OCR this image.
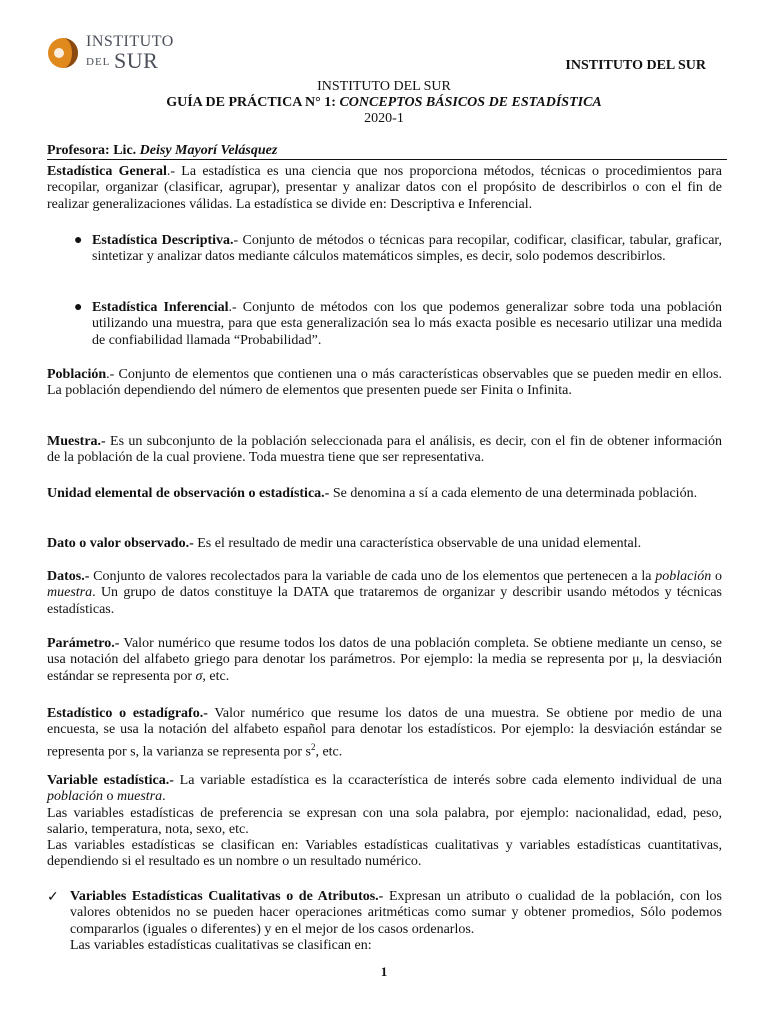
INSTITUTO
DEL SUR	INSTITUTO DEL SUR
INSTITUTO DEL SUR
GUÍA DE PRÁCTICA N° 1: CONCEPTOS BÁSICOS DE ESTADÍSTICA
2020-1
Profesora: Lic. Deisy Mayorí Velásquez
Estadística General.- La estadística es una ciencia que nos proporciona métodos, técnicas o procedimientos para recopilar, organizar (clasificar, agrupar), presentar y analizar datos con el propósito de describirlos o con el fin de realizar generalizaciones válidas. La estadística se divide en: Descriptiva e Inferencial.
● Estadística Descriptiva.- Conjunto de métodos o técnicas para recopilar, codificar, clasificar, tabular, graficar, sintetizar y analizar datos mediante cálculos matemáticos simples, es decir, solo podemos describirlos.
● Estadística Inferencial.- Conjunto de métodos con los que podemos generalizar sobre toda una población utilizando una muestra, para que esta generalización sea lo más exacta posible es necesario utilizar una medida de confiabilidad llamada “Probabilidad”.
Población.- Conjunto de elementos que contienen una o más características observables que se pueden medir en ellos. La población dependiendo del número de elementos que presenten puede ser Finita o Infinita.
Muestra.- Es un subconjunto de la población seleccionada para el análisis, es decir, con el fin de obtener información de la población de la cual proviene. Toda muestra tiene que ser representativa.
Unidad elemental de observación o estadística.- Se denomina a sí a cada elemento de una determinada población.
Dato o valor observado.- Es el resultado de medir una característica observable de una unidad elemental.
Datos.- Conjunto de valores recolectados para la variable de cada uno de los elementos que pertenecen a la población o muestra. Un grupo de datos constituye la DATA que trataremos de organizar y describir usando métodos y técnicas estadísticas.
Parámetro.- Valor numérico que resume todos los datos de una población completa. Se obtiene mediante un censo, se usa notación del alfabeto griego para denotar los parámetros. Por ejemplo: la media se representa por μ, la desviación estándar se representa por σ, etc.
Estadístico o estadígrafo.- Valor numérico que resume los datos de una muestra. Se obtiene por medio de una encuesta, se usa la notación del alfabeto español para denotar los estadísticos. Por ejemplo: la desviación estándar se representa por s, la varianza se representa por $s^2$, etc.
Variable estadística.- La variable estadística es la ccaracterística de interés sobre cada elemento individual de una población o muestra.
Las variables estadísticas de preferencia se expresan con una sola palabra, por ejemplo: nacionalidad, edad, peso, salario, temperatura, nota, sexo, etc.
Las variables estadísticas se clasifican en: Variables estadísticas cualitativas y variables estadísticas cuantitativas, dependiendo si el resultado es un nombre o un resultado numérico.
✓ Variables Estadísticas Cualitativas o de Atributos.- Expresan un atributo o cualidad de la población, con los valores obtenidos no se pueden hacer operaciones aritméticas como sumar y obtener promedios, Sólo podemos compararlos (iguales o diferentes) y en el mejor de los casos ordenarlos.
Las variables estadísticas cualitativas se clasifican en:
1
